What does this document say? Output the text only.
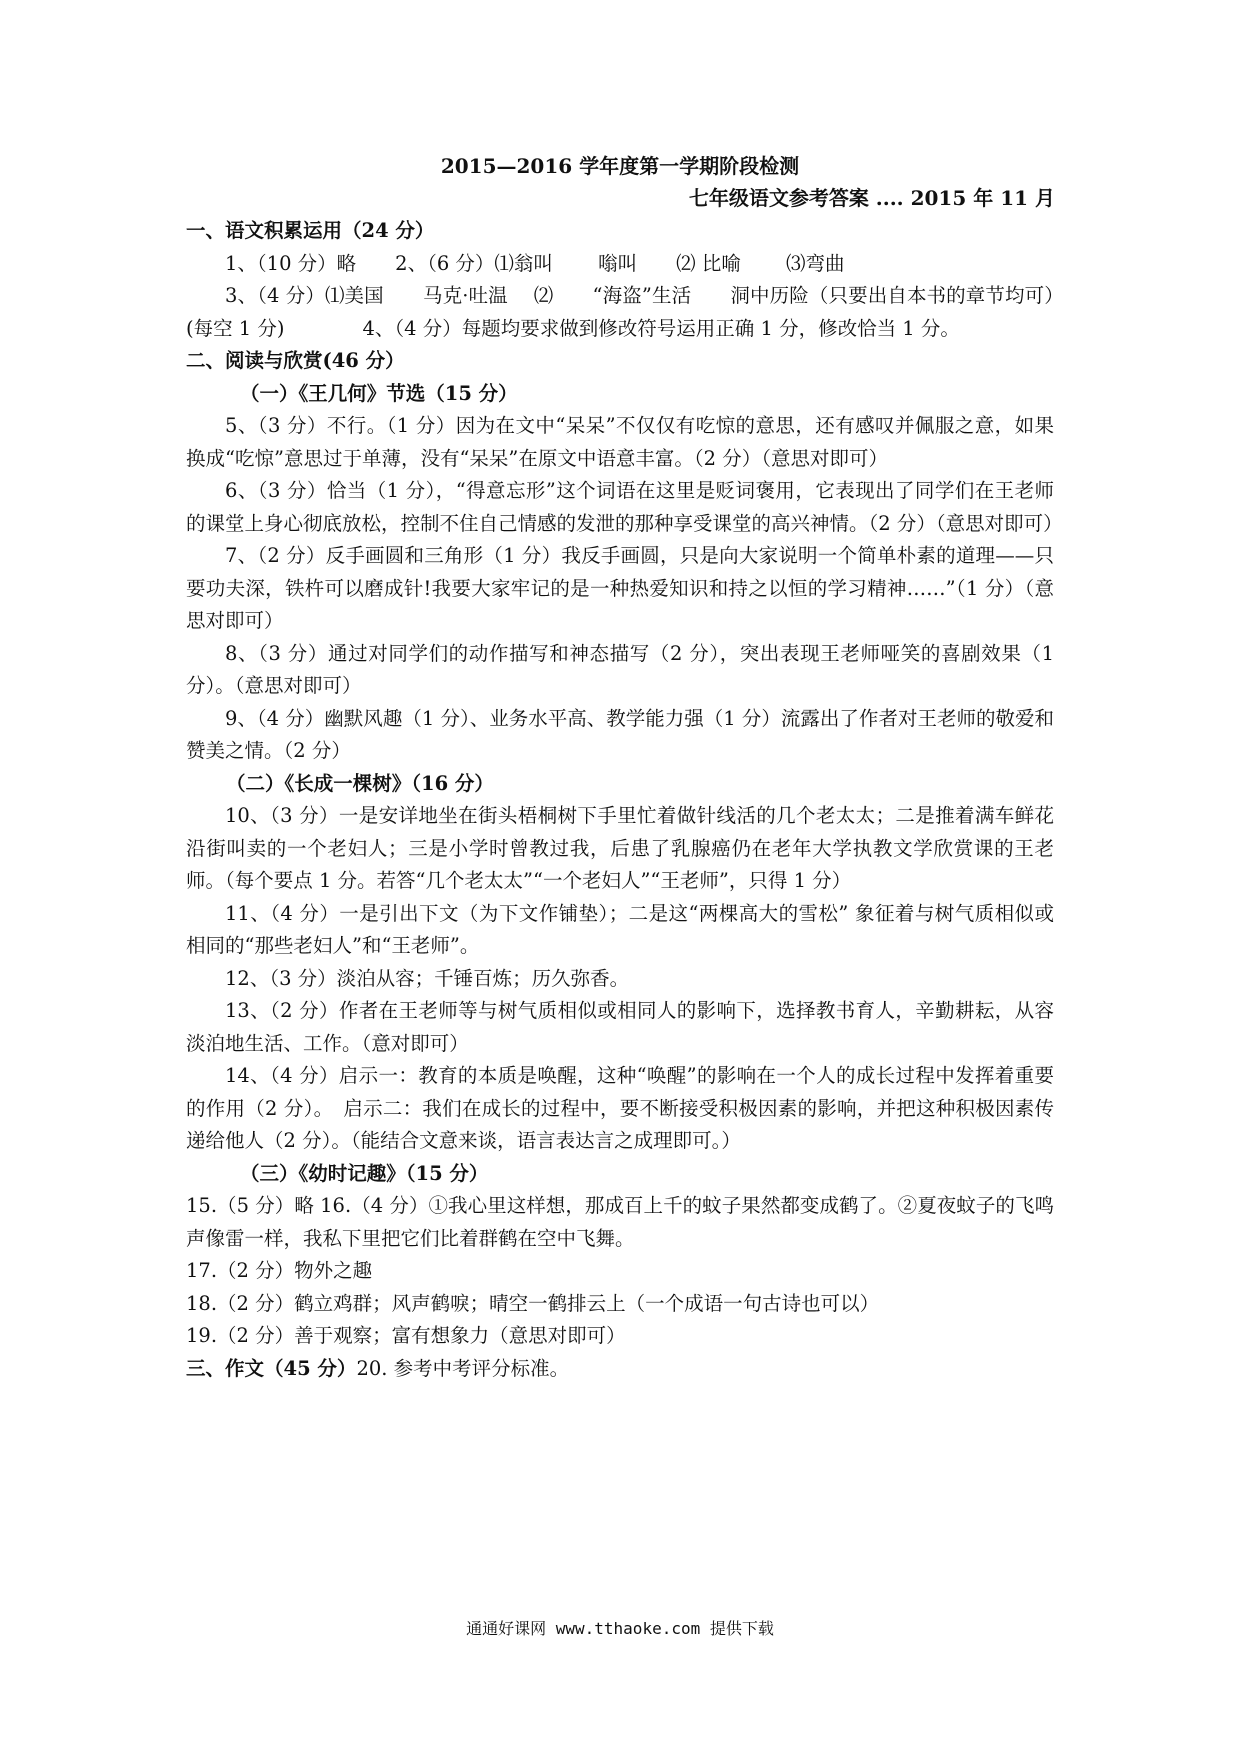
2015—2016 学年度第一学期阶段检测
七年级语文参考答案 .... 2015 年 11 月

一、语文积累运用（24 分）

1、（10 分）略　　2、（6 分）⑴翁叫　　 嗡叫　　⑵ 比喻　　 ⑶弯曲

3、（4 分）⑴美国　　马克·吐温　 ⑵　　“海盗”生活　　洞中历险（只要出自本书的章节均可）(每空 1 分)　　　　4、（4 分）每题均要求做到修改符号运用正确 1 分，修改恰当 1 分。

二、阅读与欣赏(46 分）

（一）《王几何》节选（15 分）

5、（3 分）不行。（1 分）因为在文中“呆呆”不仅仅有吃惊的意思，还有感叹并佩服之意，如果换成“吃惊”意思过于单薄，没有“呆呆”在原文中语意丰富。（2 分）（意思对即可）

6、（3 分）恰当（1 分），“得意忘形”这个词语在这里是贬词褒用，它表现出了同学们在王老师的课堂上身心彻底放松，控制不住自己情感的发泄的那种享受课堂的高兴神情。（2 分）（意思对即可）

7、（2 分）反手画圆和三角形（1 分）我反手画圆，只是向大家说明一个简单朴素的道理——只要功夫深，铁杵可以磨成针!我要大家牢记的是一种热爱知识和持之以恒的学习精神……”（1 分）（意思对即可）

8、（3 分）通过对同学们的动作描写和神态描写（2 分），突出表现王老师哑笑的喜剧效果（1 分）。（意思对即可）

9、（4 分）幽默风趣（1 分）、业务水平高、教学能力强（1 分）流露出了作者对王老师的敬爱和赞美之情。（2 分）

（二）《长成一棵树》（16 分）

10、（3 分）一是安详地坐在街头梧桐树下手里忙着做针线活的几个老太太；二是推着满车鲜花沿街叫卖的一个老妇人；三是小学时曾教过我，后患了乳腺癌仍在老年大学执教文学欣赏课的王老师。（每个要点 1 分。若答“几个老太太”“一个老妇人”“王老师”，只得 1 分）

11、（4 分）一是引出下文（为下文作铺垫）；二是这“两棵高大的雪松” 象征着与树气质相似或相同的“那些老妇人”和“王老师”。

12、（3 分）淡泊从容；千锤百炼；历久弥香。

13、（2 分）作者在王老师等与树气质相似或相同人的影响下，选择教书育人，辛勤耕耘，从容淡泊地生活、工作。（意对即可）

14、（4 分）启示一：教育的本质是唤醒，这种“唤醒”的影响在一个人的成长过程中发挥着重要的作用（2 分）。　启示二：我们在成长的过程中，要不断接受积极因素的影响，并把这种积极因素传递给他人（2 分）。（能结合文意来谈，语言表达言之成理即可。）

（三）《幼时记趣》（15 分）

15.（5 分）略 16.（4 分）①我心里这样想，那成百上千的蚊子果然都变成鹤了。②夏夜蚊子的飞鸣声像雷一样，我私下里把它们比着群鹤在空中飞舞。

17.（2 分）物外之趣

18.（2 分）鹤立鸡群；风声鹤唳；晴空一鹤排云上（一个成语一句古诗也可以）

19.（2 分）善于观察；富有想象力（意思对即可）

三、作文（45 分）20. 参考中考评分标准。

通通好课网 www.tthaoke.com 提供下载
